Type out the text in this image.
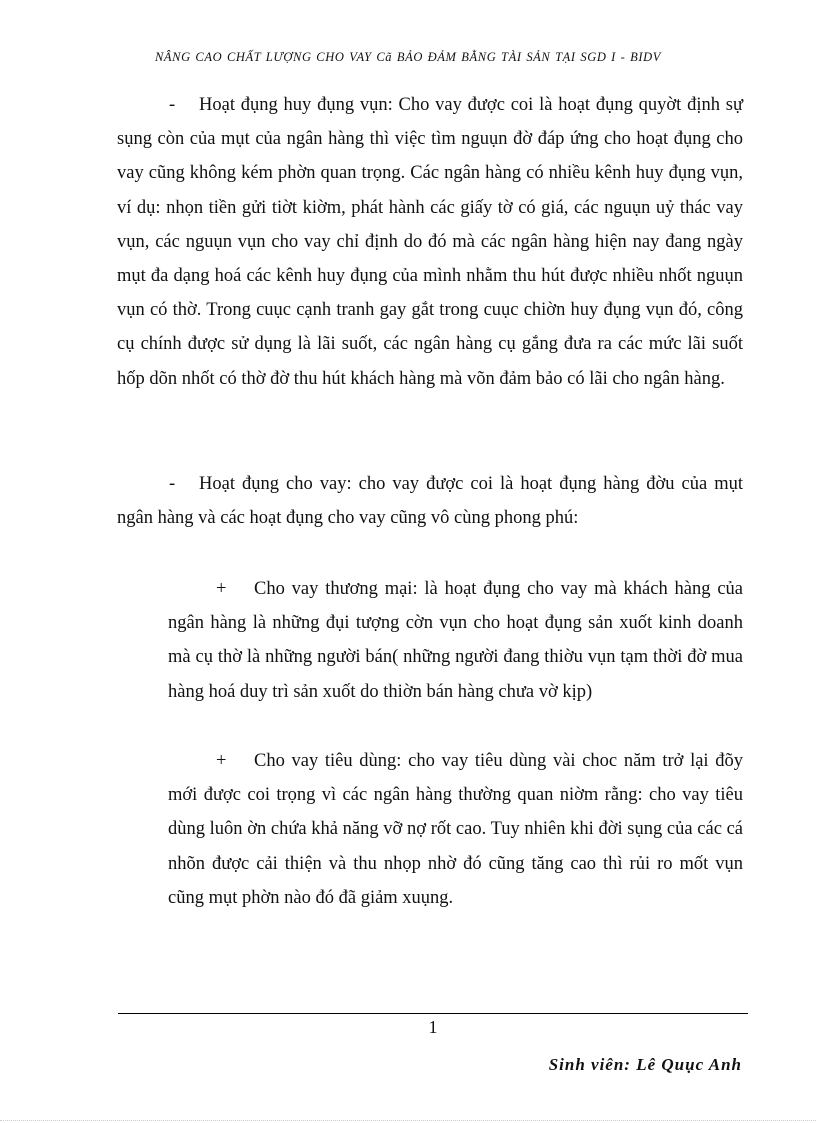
NÂNG CAO CHẤT LƯỢNG CHO VAY Cã BẢO ĐẢM BẰNG TÀI SẢN TẠI SGD I - BIDV

- Hoạt đụng huy đụng vụn: Cho vay được coi là hoạt đụng quyờt định sự sụng còn của mụt của ngân hàng thì việc tìm nguụn đờ đáp ứng cho hoạt đụng cho vay cũng không kém phờn quan trọng. Các ngân hàng có nhiều kênh huy đụng vụn, ví dụ: nhọn tiền gửi tiờt kiờm, phát hành các giấy tờ có giá, các nguụn uỷ thác vay vụn, các nguụn vụn cho vay chỉ định do đó mà các ngân hàng hiện nay đang ngày mụt đa dạng hoá các kênh huy đụng của mình nhằm thu hút được nhiều nhốt nguụn vụn có thờ. Trong cuục cạnh tranh gay gắt trong cuục chiờn huy đụng vụn đó, công cụ chính được sử dụng là lãi suốt, các ngân hàng cụ gắng đưa ra các mức lãi suốt hốp dõn nhốt có thờ đờ thu hút khách hàng mà võn đảm bảo có lãi cho ngân hàng.

- Hoạt đụng cho vay: cho vay được coi là hoạt đụng hàng đờu của mụt ngân hàng và các hoạt đụng cho vay cũng vô cùng phong phú:

+ Cho vay thương mại: là hoạt đụng cho vay mà khách hàng của ngân hàng là những đụi tượng cờn vụn cho hoạt đụng sản xuốt kinh doanh mà cụ thờ là những người bán( những người đang thiờu vụn tạm thời đờ mua hàng hoá duy trì sản xuốt do thiờn bán hàng chưa vờ kịp)

+ Cho vay tiêu dùng: cho vay tiêu dùng vài choc năm trở lại đõy mới được coi trọng vì các ngân hàng thường quan niờm rằng: cho vay tiêu dùng luôn ờn chứa khả năng vỡ nợ rốt cao. Tuy nhiên khi đời sụng của các cá nhõn được cải thiện và thu nhọp nhờ đó cũng tăng cao thì rủi ro mốt vụn cũng mụt phờn nào đó đã giảm xuụng.

1
Sinh viên: Lê Quục Anh
